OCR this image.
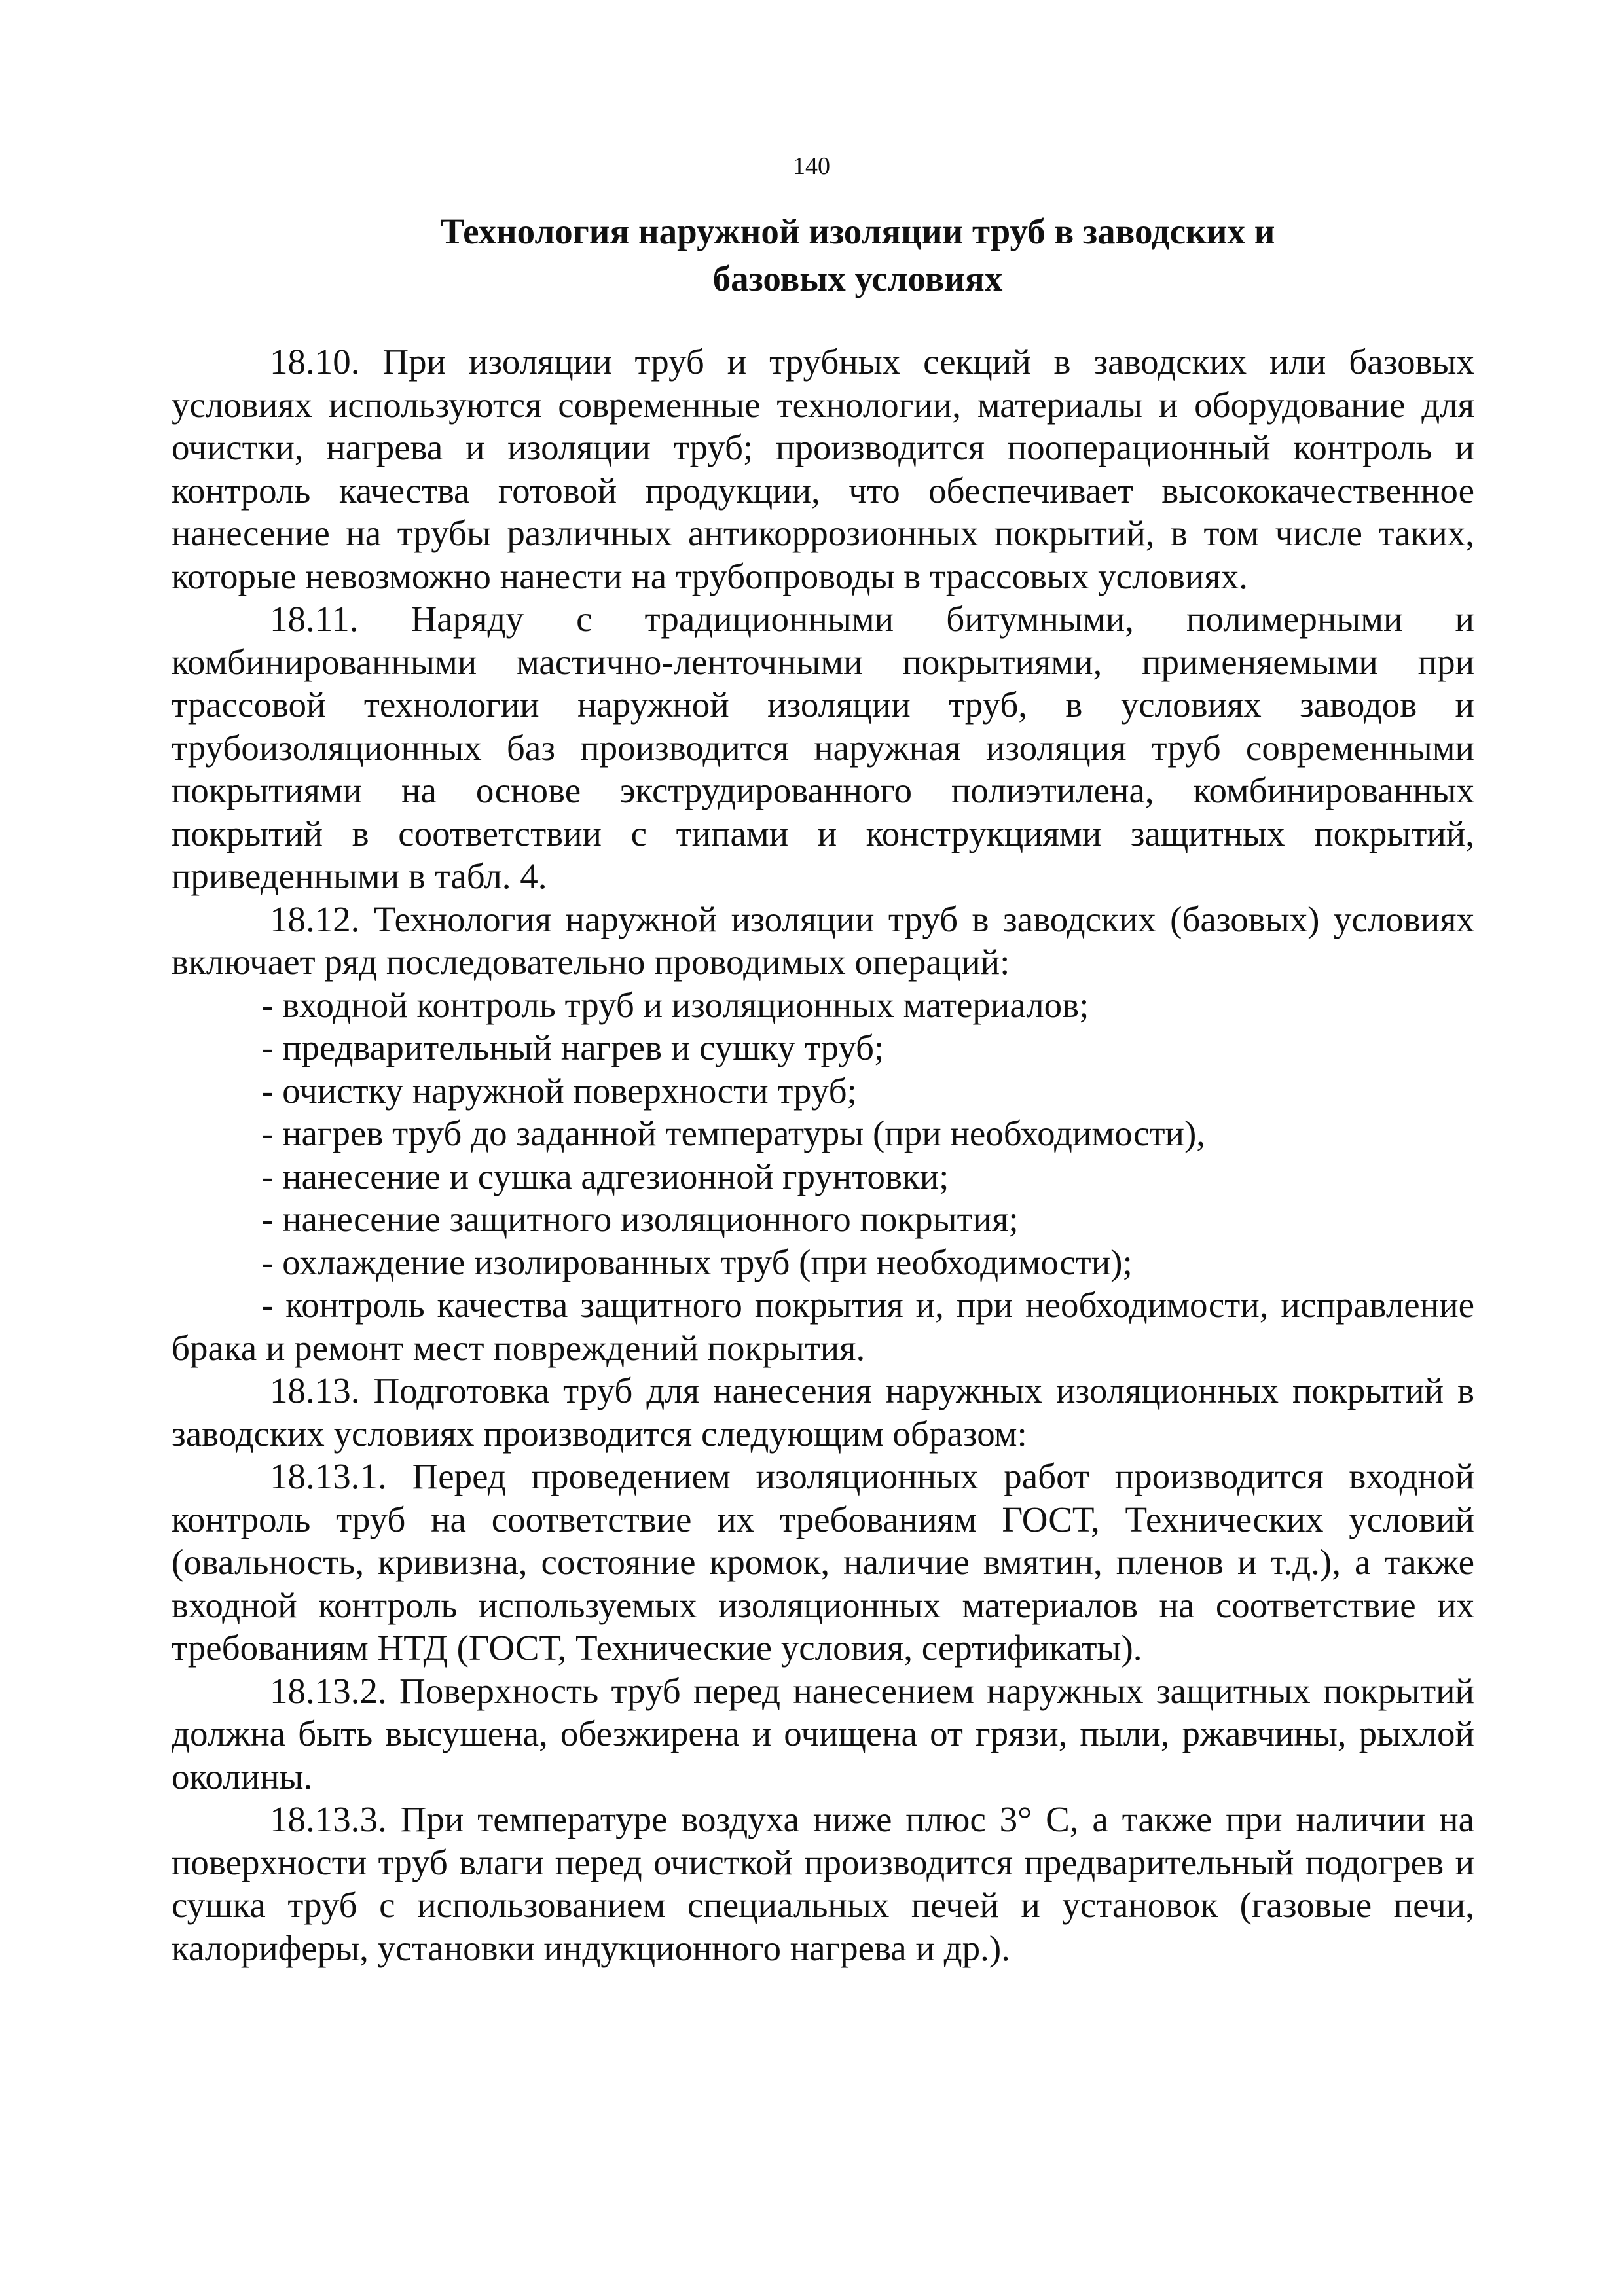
140
Технология наружной изоляции труб в заводских и
базовых условиях

18.10. При изоляции труб и трубных секций в заводских или базовых условиях используются современные технологии, материалы и оборудование для очистки, нагрева и изоляции труб; производится пооперационный контроль и контроль качества готовой продукции, что обеспечивает высококачественное нанесение на трубы различных антикоррозионных покрытий, в том числе таких, которые невозможно нанести на трубопроводы в трассовых условиях.

18.11. Наряду с традиционными битумными, полимерными и комбинированными мастично-ленточными покрытиями, применяемыми при трассовой технологии наружной изоляции труб, в условиях заводов и трубоизоляционных баз производится наружная изоляция труб современными покрытиями на основе экструдированного полиэтилена, комбинированных покрытий в соответствии с типами и конструкциями защитных покрытий, приведенными в табл. 4.

18.12. Технология наружной изоляции труб в заводских (базовых) условиях включает ряд последовательно проводимых операций:

- входной контроль труб и изоляционных материалов;
- предварительный нагрев и сушку труб;
- очистку наружной поверхности труб;
- нагрев труб до заданной температуры (при необходимости),
- нанесение и сушка адгезионной грунтовки;
- нанесение защитного изоляционного покрытия;
- охлаждение изолированных труб (при необходимости);
- контроль качества защитного покрытия и, при необходимости, исправление брака и ремонт мест повреждений покрытия.

18.13. Подготовка труб для нанесения наружных изоляционных покрытий в заводских условиях производится следующим образом:

18.13.1. Перед проведением изоляционных работ производится входной контроль труб на соответствие их требованиям ГОСТ, Технических условий (овальность, кривизна, состояние кромок, наличие вмятин, пленов и т.д.), а также входной контроль используемых изоляционных материалов на соответствие их требованиям НТД (ГОСТ, Технические условия, сертификаты).

18.13.2. Поверхность труб перед нанесением наружных защитных покрытий должна быть высушена, обезжирена и очищена от грязи, пыли, ржавчины, рыхлой околины.

18.13.3. При температуре воздуха ниже плюс 3° С, а также при наличии на поверхности труб влаги перед очисткой производится предварительный подогрев и сушка труб с использованием специальных печей и установок (газовые печи, калориферы, установки индукционного нагрева и др.).
